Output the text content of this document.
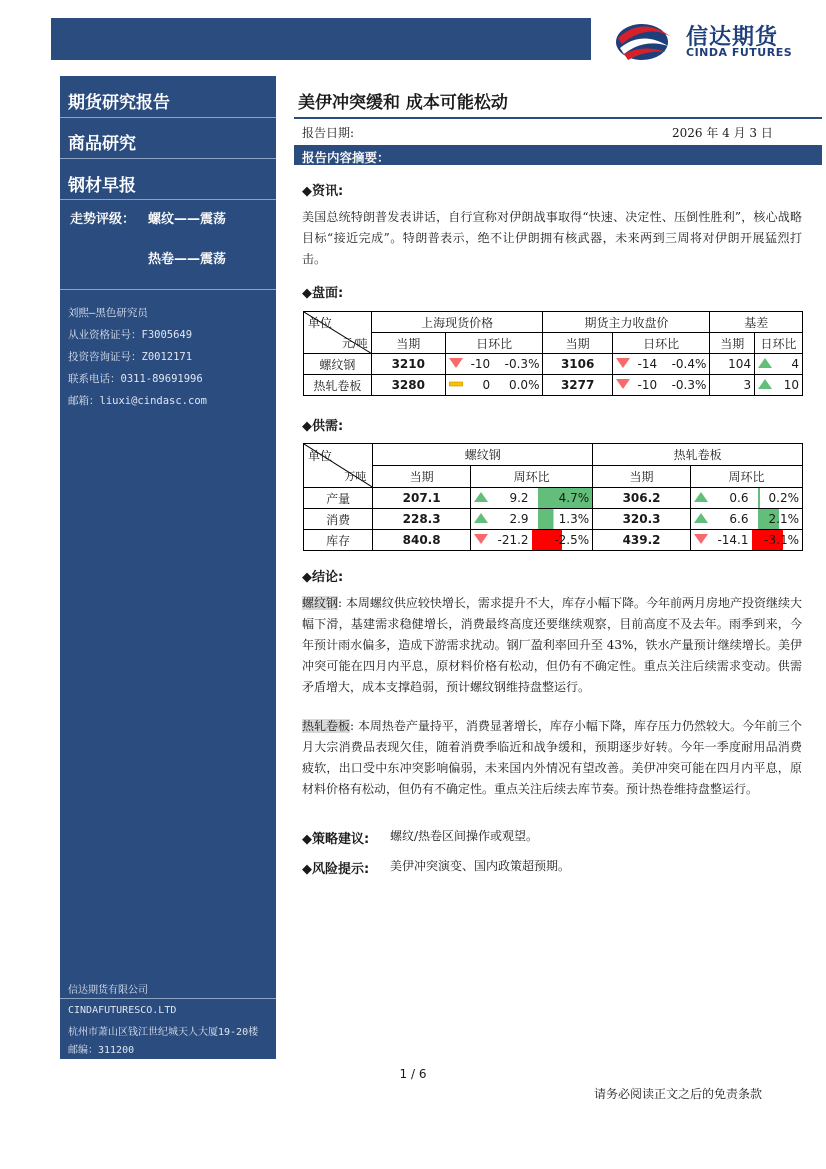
信达期货
CINDA FUTURES
期货研究报告
商品研究
钢材早报
走势评级： 螺纹——震荡
热卷——震荡
刘熙—黑色研究员
从业资格证号：F3005649
投资咨询证号：Z0012171
联系电话：0311-89691996
邮箱：liuxi@cindasc.com
信达期货有限公司
CINDAFUTURESCO.LTD
杭州市萧山区钱江世纪城天人大厦19-20楼
邮编：311200
美伊冲突缓和 成本可能松动
报告日期:	2026 年 4 月 3 日
报告内容摘要：
◆资讯:
美国总统特朗普发表讲话，自行宣称对伊朗战事取得“快速、决定性、压倒性胜利”，核心战略目标“接近完成”。特朗普表示，绝不让伊朗拥有核武器，未来两到三周将对伊朗开展猛烈打击。
◆盘面:
单位
元/吨	上海现货价格			期货主力收盘价			基差	
	当期	日环比		当期	日环比		当期	日环比
螺纹钢	3210	-10	-0.3%	3106	-14	-0.4%	104	4

热轧卷板	3280	0	0.0%	3277	-10	-0.3%	3	10
◆供需:
单位
万吨	螺纹钢			热轧卷板		
	当期	周环比		当期	周环比	
产量	207.1	9.2	4.7%	306.2	0.6	0.2%
消费	228.3	2.9	1.3%	320.3	6.6	2.1%
库存	840.8	-21.2	-2.5%	439.2	-14.1	-3.1%
◆结论:
螺纹钢: 本周螺纹供应较快增长，需求提升不大，库存小幅下降。今年前两月房地产投资继续大幅下滑，基建需求稳健增长，消费最终高度还要继续观察，目前高度不及去年。雨季到来，今年预计雨水偏多，造成下游需求扰动。钢厂盈利率回升至 43%，铁水产量预计继续增长。美伊冲突可能在四月内平息，原材料价格有松动，但仍有不确定性。重点关注后续需求变动。供需矛盾增大，成本支撑趋弱，预计螺纹钢维持盘整运行。
热轧卷板: 本周热卷产量持平，消费显著增长，库存小幅下降，库存压力仍然较大。今年前三个月大宗消费品表现欠佳，随着消费季临近和战争缓和，预期逐步好转。今年一季度耐用品消费疲软，出口受中东冲突影响偏弱，未来国内外情况有望改善。美伊冲突可能在四月内平息，原材料价格有松动，但仍有不确定性。重点关注后续去库节奏。预计热卷维持盘整运行。
◆策略建议: 螺纹/热卷区间操作或观望。
◆风险提示: 美伊冲突演变、国内政策超预期。
1 / 6
请务必阅读正文之后的免责条款
